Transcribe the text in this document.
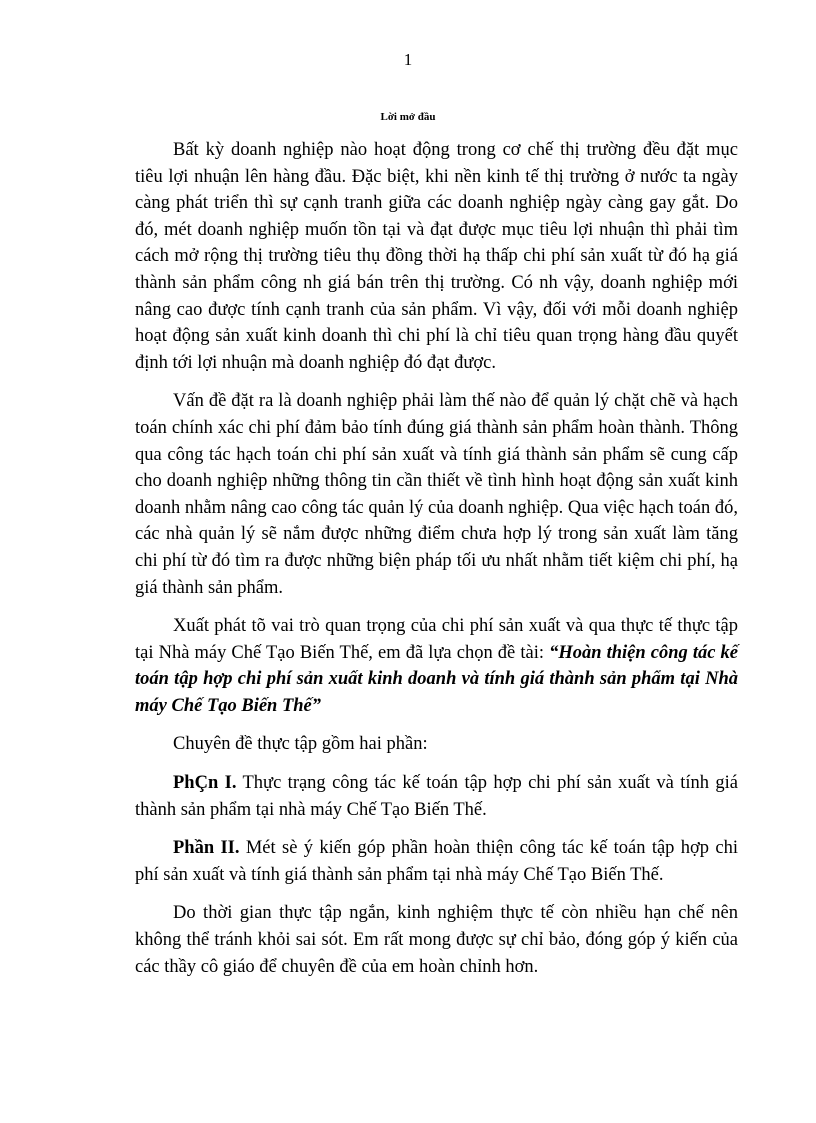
1
Lời mở đầu

Bất kỳ doanh nghiệp nào hoạt động trong cơ chế thị trường đều đặt mục tiêu lợi nhuận lên hàng đầu. Đặc biệt, khi nền kinh tế thị trường ở nước ta ngày càng phát triển thì sự cạnh tranh giữa các doanh nghiệp ngày càng gay gắt. Do đó, mét doanh nghiệp muốn tồn tại và đạt được mục tiêu lợi nhuận thì phải tìm cách mở rộng thị trường tiêu thụ đồng thời hạ thấp chi phí sản xuất từ đó hạ giá thành sản phẩm công nh giá bán trên thị trường. Có nh vậy, doanh nghiệp mới nâng cao được tính cạnh tranh của sản phẩm. Vì vậy, đối với mỗi doanh nghiệp hoạt động sản xuất kinh doanh thì chi phí là chỉ tiêu quan trọng hàng đầu quyết định tới lợi nhuận mà doanh nghiệp đó đạt được.

Vấn đề đặt ra là doanh nghiệp phải làm thế nào để quản lý chặt chẽ và hạch toán chính xác chi phí đảm bảo tính đúng giá thành sản phẩm hoàn thành. Thông qua công tác hạch toán chi phí sản xuất và tính giá thành sản phẩm sẽ cung cấp cho doanh nghiệp những thông tin cần thiết về tình hình hoạt động sản xuất kinh doanh nhằm nâng cao công tác quản lý của doanh nghiệp. Qua việc hạch toán đó, các nhà quản lý sẽ nắm được những điểm chưa hợp lý trong sản xuất làm tăng chi phí từ đó tìm ra được những biện pháp tối ưu nhất nhằm tiết kiệm chi phí, hạ giá thành sản phẩm.

Xuất phát tõ vai trò quan trọng của chi phí sản xuất và qua thực tế thực tập tại Nhà máy Chế Tạo Biến Thế, em đã lựa chọn đề tài: “Hoàn thiện công tác kế toán tập hợp chi phí sản xuất kinh doanh và tính giá thành sản phẩm tại Nhà máy Chế Tạo Biến Thế”

Chuyên đề thực tập gồm hai phần:

PhÇn I. Thực trạng công tác kế toán tập hợp chi phí sản xuất và tính giá thành sản phẩm tại nhà máy Chế Tạo Biến Thế.

Phần II. Mét sè ý kiến góp phần hoàn thiện công tác kế toán tập hợp chi phí sản xuất và tính giá thành sản phẩm tại nhà máy Chế Tạo Biến Thế.

Do thời gian thực tập ngắn, kinh nghiệm thực tế còn nhiều hạn chế nên không thể tránh khỏi sai sót. Em rất mong được sự chỉ bảo, đóng góp ý kiến của các thầy cô giáo để chuyên đề của em hoàn chỉnh hơn.
